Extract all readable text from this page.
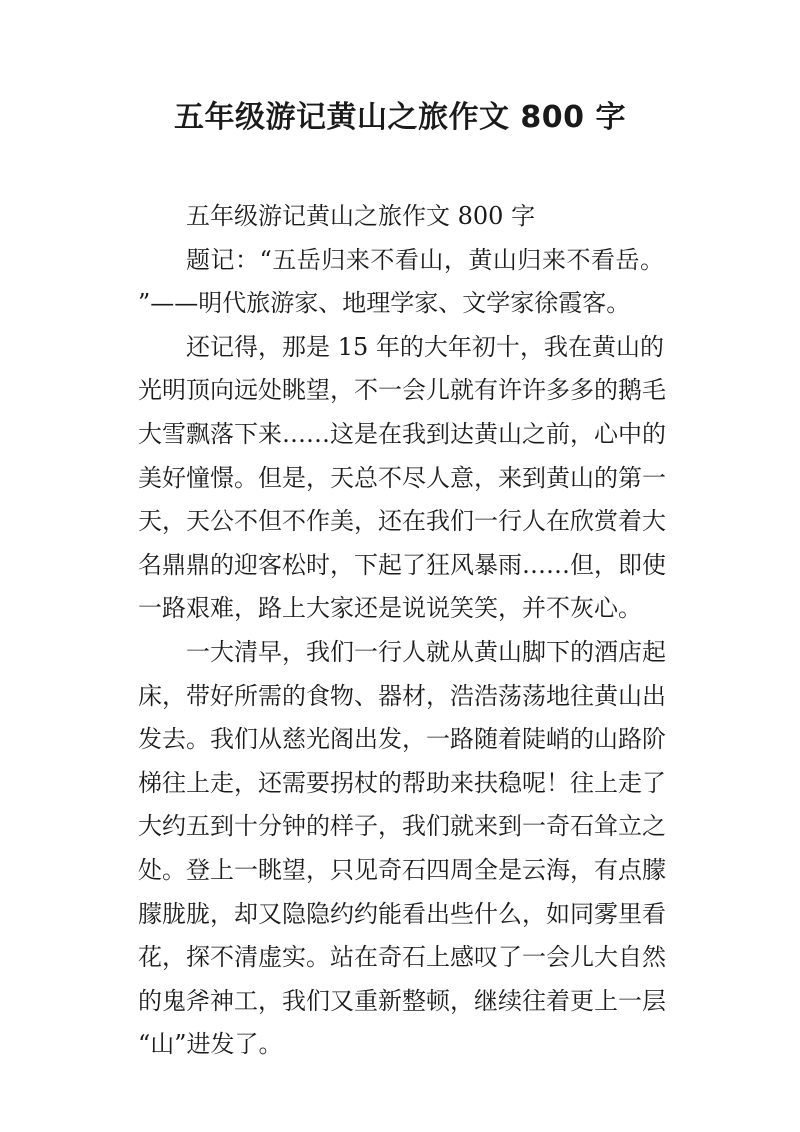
五年级游记黄山之旅作文 800 字
五年级游记黄山之旅作文 800 字
题记：“五岳归来不看山，黄山归来不看岳。
”——明代旅游家、地理学家、文学家徐霞客。
还记得，那是 15 年的大年初十，我在黄山的
光明顶向远处眺望，不一会儿就有许许多多的鹅毛
大雪飘落下来……这是在我到达黄山之前，心中的
美好憧憬。但是，天总不尽人意，来到黄山的第一
天，天公不但不作美，还在我们一行人在欣赏着大
名鼎鼎的迎客松时，下起了狂风暴雨……但，即使
一路艰难，路上大家还是说说笑笑，并不灰心。
一大清早，我们一行人就从黄山脚下的酒店起
床，带好所需的食物、器材，浩浩荡荡地往黄山出
发去。我们从慈光阁出发，一路随着陡峭的山路阶
梯往上走，还需要拐杖的帮助来扶稳呢！往上走了
大约五到十分钟的样子，我们就来到一奇石耸立之
处。登上一眺望，只见奇石四周全是云海，有点朦
朦胧胧，却又隐隐约约能看出些什么，如同雾里看
花，探不清虚实。站在奇石上感叹了一会儿大自然
的鬼斧神工，我们又重新整顿，继续往着更上一层
“山”进发了。
